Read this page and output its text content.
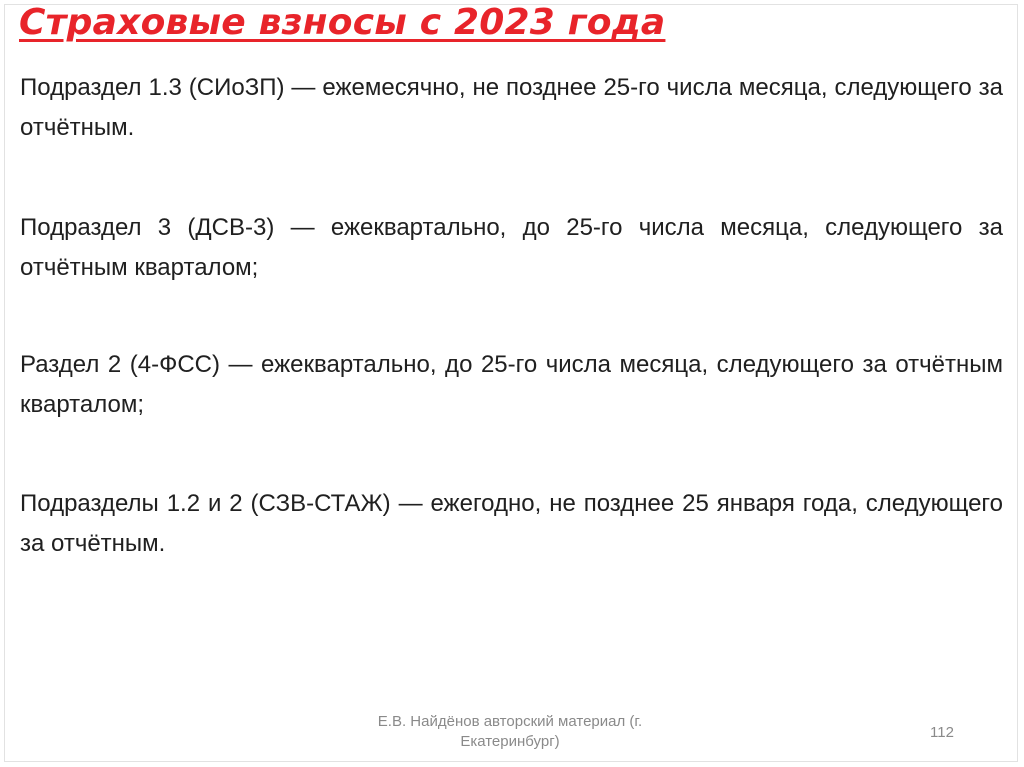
Страховые взносы с 2023 года

Подраздел 1.3 (СИоЗП) — ежемесячно, не позднее 25-го числа месяца, следующего за отчётным.

Подраздел 3 (ДСВ-3) — ежеквартально, до 25-го числа месяца, следующего за отчётным кварталом;

Раздел 2 (4-ФСС) — ежеквартально, до 25-го числа месяца, следующего за отчётным кварталом;

Подразделы 1.2 и 2 (СЗВ-СТАЖ) — ежегодно, не позднее 25 января года, следующего за отчётным.

Е.В. Найдёнов авторский материал (г. Екатеринбург)
112
